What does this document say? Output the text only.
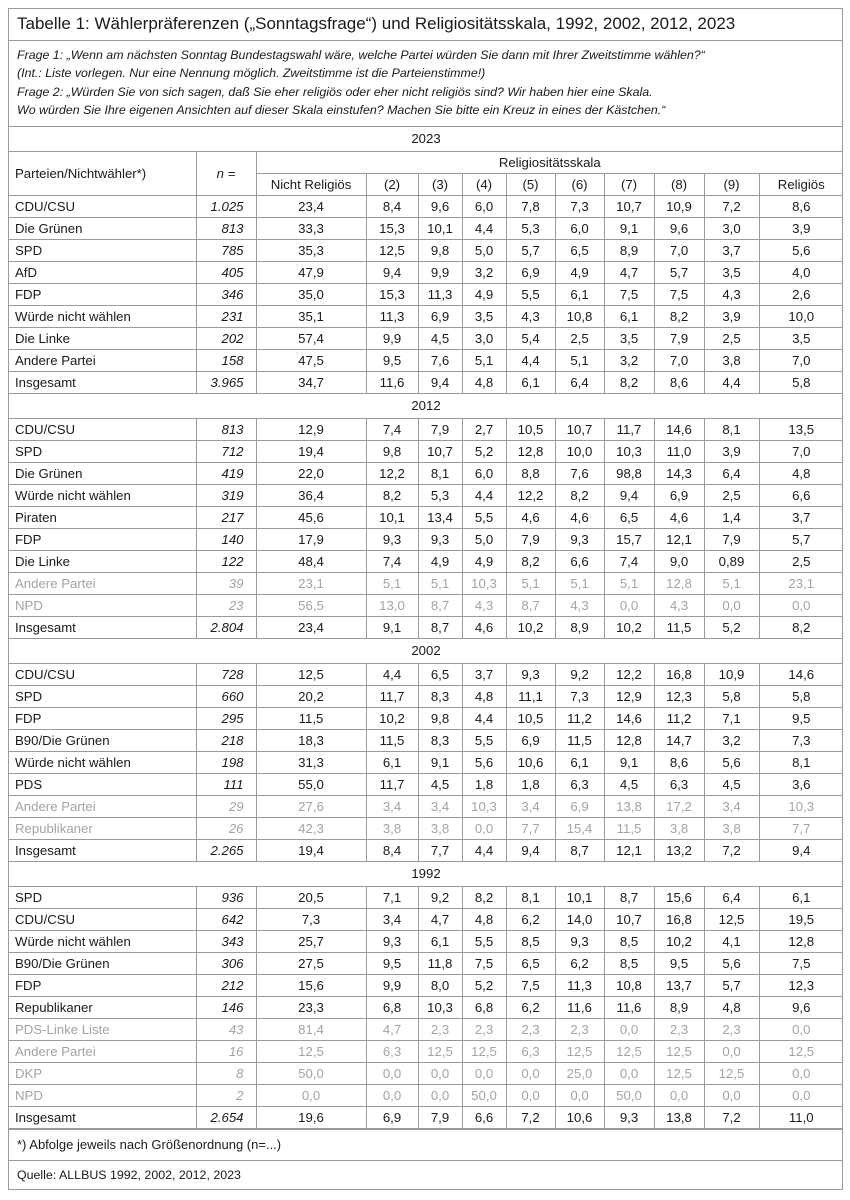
Tabelle 1: Wählerpräferenzen („Sonntagsfrage“) und Religiositätsskala, 1992, 2002, 2012, 2023
Frage 1: „Wenn am nächsten Sonntag Bundestagswahl wäre, welche Partei würden Sie dann mit Ihrer Zweitstimme wählen?“
(Int.: Liste vorlegen. Nur eine Nennung möglich. Zweitstimme ist die Parteienstimme!)
Frage 2: „Würden Sie von sich sagen, daß Sie eher religiös oder eher nicht religiös sind? Wir haben hier eine Skala.
Wo würden Sie Ihre eigenen Ansichten auf dieser Skala einstufen? Machen Sie bitte ein Kreuz in eines der Kästchen.“
2023											
Parteien/Nichtwähler*)	n =	Religiositätsskala									
		Nicht Religiös	(2)	(3)	(4)	(5)	(6)	(7)	(8)	(9)	Religiös
CDU/CSU	1.025	23,4	8,4	9,6	6,0	7,8	7,3	10,7	10,9	7,2	8,6
Die Grünen	813	33,3	15,3	10,1	4,4	5,3	6,0	9,1	9,6	3,0	3,9
SPD	785	35,3	12,5	9,8	5,0	5,7	6,5	8,9	7,0	3,7	5,6
AfD	405	47,9	9,4	9,9	3,2	6,9	4,9	4,7	5,7	3,5	4,0
FDP	346	35,0	15,3	11,3	4,9	5,5	6,1	7,5	7,5	4,3	2,6
Würde nicht wählen	231	35,1	11,3	6,9	3,5	4,3	10,8	6,1	8,2	3,9	10,0
Die Linke	202	57,4	9,9	4,5	3,0	5,4	2,5	3,5	7,9	2,5	3,5
Andere Partei	158	47,5	9,5	7,6	5,1	4,4	5,1	3,2	7,0	3,8	7,0
Insgesamt	3.965	34,7	11,6	9,4	4,8	6,1	6,4	8,2	8,6	4,4	5,8
2012											
CDU/CSU	813	12,9	7,4	7,9	2,7	10,5	10,7	11,7	14,6	8,1	13,5
SPD	712	19,4	9,8	10,7	5,2	12,8	10,0	10,3	11,0	3,9	7,0
Die Grünen	419	22,0	12,2	8,1	6,0	8,8	7,6	98,8	14,3	6,4	4,8
Würde nicht wählen	319	36,4	8,2	5,3	4,4	12,2	8,2	9,4	6,9	2,5	6,6
Piraten	217	45,6	10,1	13,4	5,5	4,6	4,6	6,5	4,6	1,4	3,7
FDP	140	17,9	9,3	9,3	5,0	7,9	9,3	15,7	12,1	7,9	5,7
Die Linke	122	48,4	7,4	4,9	4,9	8,2	6,6	7,4	9,0	0,89	2,5
Andere Partei	39	23,1	5,1	5,1	10,3	5,1	5,1	5,1	12,8	5,1	23,1
NPD	23	56,5	13,0	8,7	4,3	8,7	4,3	0,0	4,3	0,0	0,0
Insgesamt	2.804	23,4	9,1	8,7	4,6	10,2	8,9	10,2	11,5	5,2	8,2
2002											
CDU/CSU	728	12,5	4,4	6,5	3,7	9,3	9,2	12,2	16,8	10,9	14,6
SPD	660	20,2	11,7	8,3	4,8	11,1	7,3	12,9	12,3	5,8	5,8
FDP	295	11,5	10,2	9,8	4,4	10,5	11,2	14,6	11,2	7,1	9,5
B90/Die Grünen	218	18,3	11,5	8,3	5,5	6,9	11,5	12,8	14,7	3,2	7,3
Würde nicht wählen	198	31,3	6,1	9,1	5,6	10,6	6,1	9,1	8,6	5,6	8,1
PDS	111	55,0	11,7	4,5	1,8	1,8	6,3	4,5	6,3	4,5	3,6
Andere Partei	29	27,6	3,4	3,4	10,3	3,4	6,9	13,8	17,2	3,4	10,3
Republikaner	26	42,3	3,8	3,8	0,0	7,7	15,4	11,5	3,8	3,8	7,7
Insgesamt	2.265	19,4	8,4	7,7	4,4	9,4	8,7	12,1	13,2	7,2	9,4
1992											
SPD	936	20,5	7,1	9,2	8,2	8,1	10,1	8,7	15,6	6,4	6,1
CDU/CSU	642	7,3	3,4	4,7	4,8	6,2	14,0	10,7	16,8	12,5	19,5
Würde nicht wählen	343	25,7	9,3	6,1	5,5	8,5	9,3	8,5	10,2	4,1	12,8
B90/Die Grünen	306	27,5	9,5	11,8	7,5	6,5	6,2	8,5	9,5	5,6	7,5
FDP	212	15,6	9,9	8,0	5,2	7,5	11,3	10,8	13,7	5,7	12,3
Republikaner	146	23,3	6,8	10,3	6,8	6,2	11,6	11,6	8,9	4,8	9,6
PDS-Linke Liste	43	81,4	4,7	2,3	2,3	2,3	2,3	0,0	2,3	2,3	0,0
Andere Partei	16	12,5	6,3	12,5	12,5	6,3	12,5	12,5	12,5	0,0	12,5
DKP	8	50,0	0,0	0,0	0,0	0,0	25,0	0,0	12,5	12,5	0,0
NPD	2	0,0	0,0	0,0	50,0	0,0	0,0	50,0	0,0	0,0	0,0
Insgesamt	2.654	19,6	6,9	7,9	6,6	7,2	10,6	9,3	13,8	7,2	11,0
*) Abfolge jeweils nach Größenordnung (n=...)
Quelle: ALLBUS 1992, 2002, 2012, 2023
